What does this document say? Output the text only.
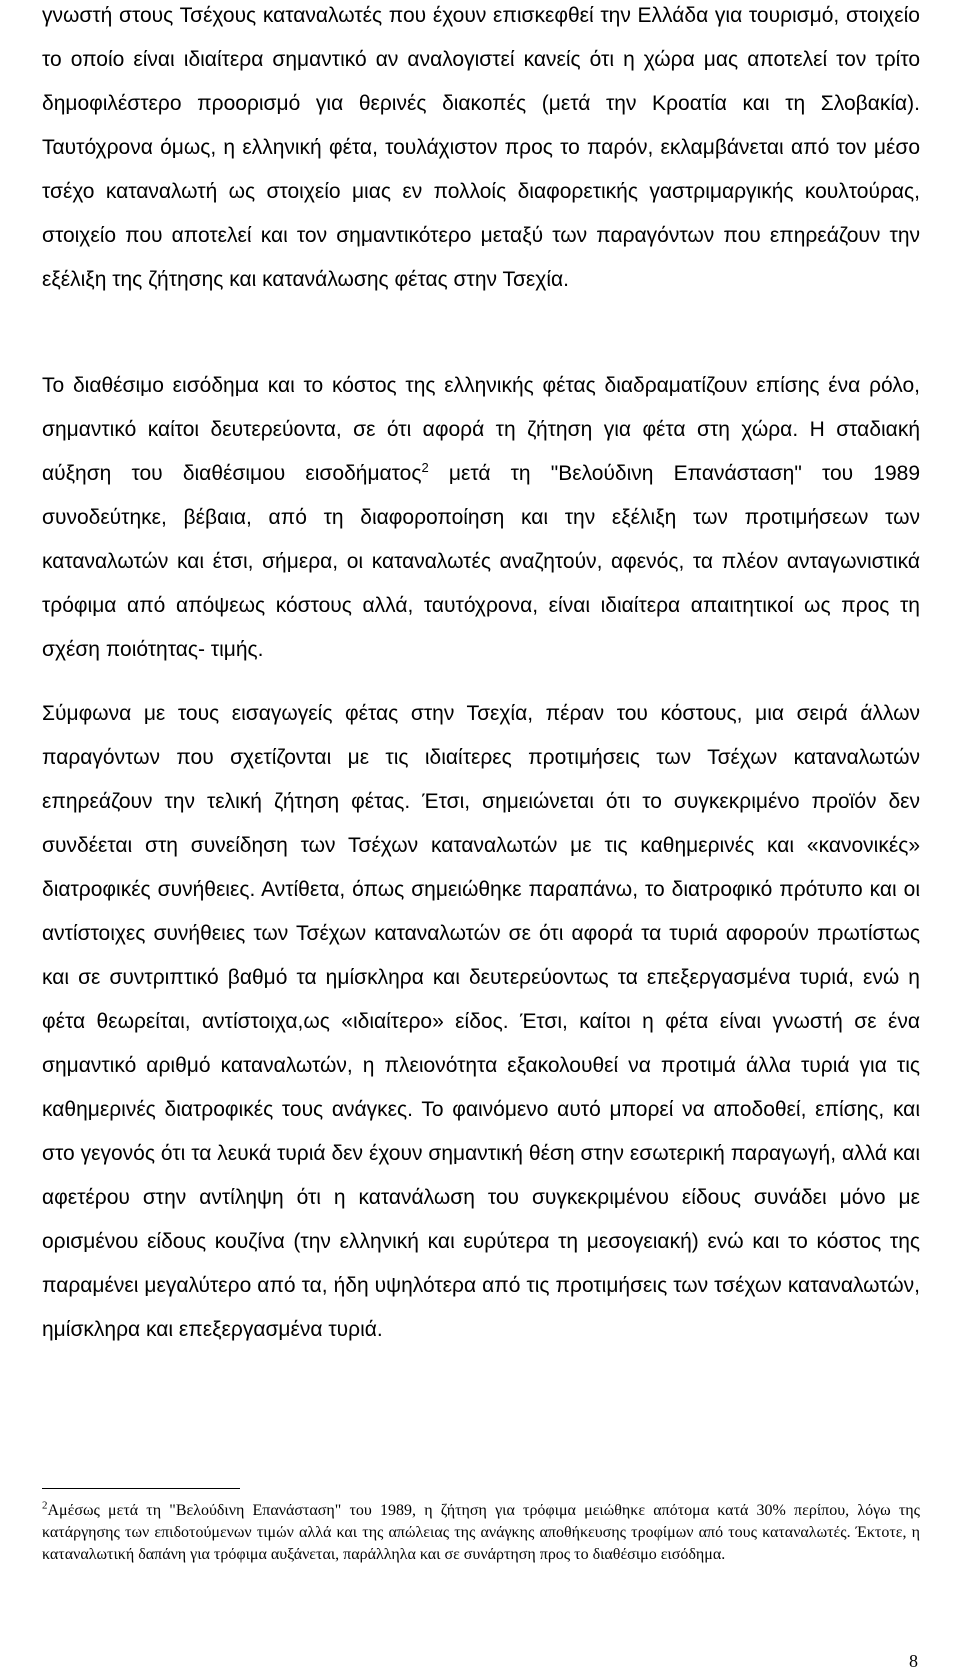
γνωστή στους Τσέχους καταναλωτές που έχουν επισκεφθεί την Ελλάδα για τουρισμό, στοιχείο το οποίο είναι ιδιαίτερα σημαντικό αν αναλογιστεί κανείς ότι η χώρα μας αποτελεί τον τρίτο δημοφιλέστερο προορισμό για θερινές διακοπές (μετά την Κροατία και τη Σλοβακία). Ταυτόχρονα όμως, η ελληνική φέτα, τουλάχιστον προς το παρόν, εκλαμβάνεται από τον μέσο τσέχο καταναλωτή ως στοιχείο μιας εν πολλοίς διαφορετικής γαστριμαργικής κουλτούρας, στοιχείο που αποτελεί και τον σημαντικότερο μεταξύ των παραγόντων που επηρεάζουν την εξέλιξη της ζήτησης και κατανάλωσης φέτας στην Τσεχία.

Το διαθέσιμο εισόδημα και το κόστος της ελληνικής φέτας διαδραματίζουν επίσης ένα ρόλο, σημαντικό καίτοι δευτερεύοντα, σε ότι αφορά τη ζήτηση για φέτα στη χώρα. Η σταδιακή αύξηση του διαθέσιμου εισοδήματος$^2$ μετά τη "Βελούδινη Επανάσταση" του 1989 συνοδεύτηκε, βέβαια, από τη διαφοροποίηση και την εξέλιξη των προτιμήσεων των καταναλωτών και έτσι, σήμερα, οι καταναλωτές αναζητούν, αφενός, τα πλέον ανταγωνιστικά τρόφιμα από απόψεως κόστους αλλά, ταυτόχρονα, είναι ιδιαίτερα απαιτητικοί ως προς τη σχέση ποιότητας- τιμής.

Σύμφωνα με τους εισαγωγείς φέτας στην Τσεχία, πέραν του κόστους, μια σειρά άλλων παραγόντων που σχετίζονται με τις ιδιαίτερες προτιμήσεις των Τσέχων καταναλωτών επηρεάζουν την τελική ζήτηση φέτας. Έτσι, σημειώνεται ότι το συγκεκριμένο προϊόν δεν συνδέεται στη συνείδηση των Τσέχων καταναλωτών με τις καθημερινές και «κανονικές» διατροφικές συνήθειες. Αντίθετα, όπως σημειώθηκε παραπάνω, το διατροφικό πρότυπο και οι αντίστοιχες συνήθειες των Τσέχων καταναλωτών σε ότι αφορά τα τυριά αφορούν πρωτίστως και σε συντριπτικό βαθμό τα ημίσκληρα και δευτερεύοντως τα επεξεργασμένα τυριά, ενώ η φέτα θεωρείται, αντίστοιχα,ως «ιδιαίτερο» είδος. Έτσι, καίτοι η φέτα είναι γνωστή σε ένα σημαντικό αριθμό καταναλωτών, η πλειονότητα εξακολουθεί να προτιμά άλλα τυριά για τις καθημερινές διατροφικές τους ανάγκες. Το φαινόμενο αυτό μπορεί να αποδοθεί, επίσης, και στο γεγονός ότι τα λευκά τυριά δεν έχουν σημαντική θέση στην εσωτερική παραγωγή, αλλά και αφετέρου στην αντίληψη ότι η κατανάλωση του συγκεκριμένου είδους συνάδει μόνο με ορισμένου είδους κουζίνα (την ελληνική και ευρύτερα τη μεσογειακή) ενώ και το κόστος της παραμένει μεγαλύτερο από τα, ήδη υψηλότερα από τις προτιμήσεις των τσέχων καταναλωτών, ημίσκληρα και επεξεργασμένα τυριά.

$^2$Αμέσως μετά τη "Βελούδινη Επανάσταση" του 1989, η ζήτηση για τρόφιμα μειώθηκε απότομα κατά 30% περίπου, λόγω της κατάργησης των επιδοτούμενων τιμών αλλά και της απώλειας της ανάγκης αποθήκευσης τροφίμων από τους καταναλωτές. Έκτοτε, η καταναλωτική δαπάνη για τρόφιμα αυξάνεται, παράλληλα και σε συνάρτηση προς το διαθέσιμο εισόδημα.

8
